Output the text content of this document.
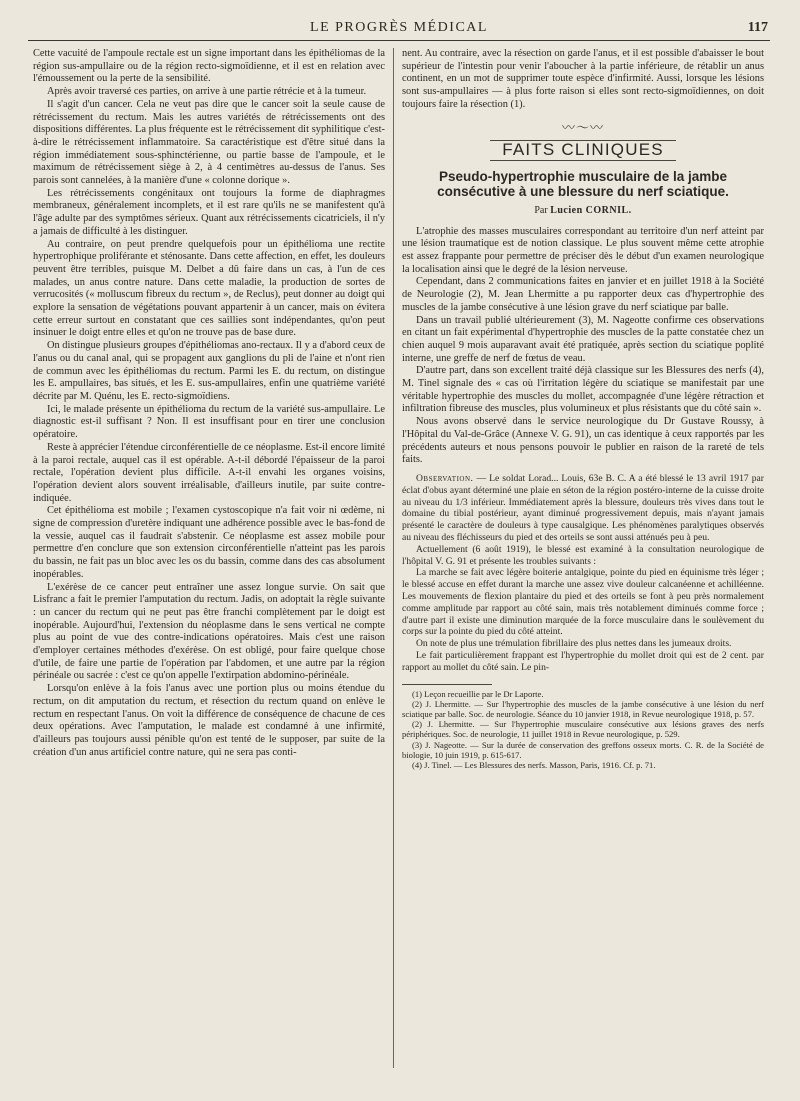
LE PROGRÈS MÉDICAL	117

Cette vacuité de l'ampoule rectale est un signe important dans les épithéliomas de la région sus-ampullaire ou de la région recto-sigmoïdienne, et il est en relation avec l'émoussement ou la perte de la sensibilité.

Après avoir traversé ces parties, on arrive à une partie rétrécie et à la tumeur.

Il s'agit d'un cancer. Cela ne veut pas dire que le cancer soit la seule cause de rétrécissement du rectum. Mais les autres variétés de rétrécissements ont des dispositions différentes. La plus fréquente est le rétrécissement dit syphilitique c'est-à-dire le rétrécissement inflammatoire. Sa caractéristique est d'être situé dans la région immédiatement sous-sphinctérienne, ou partie basse de l'ampoule, et le maximum de rétrécissement siège à 2, à 4 centimètres au-dessus de l'anus. Ses parois sont cannelées, à la manière d'une « colonne dorique ».

Les rétrécissements congénitaux ont toujours la forme de diaphragmes membraneux, généralement incomplets, et il est rare qu'ils ne se manifestent qu'à l'âge adulte par des symptômes sérieux. Quant aux rétrécissements cicatriciels, il n'y a jamais de difficulté à les distinguer.

Au contraire, on peut prendre quelquefois pour un épithélioma une rectite hypertrophique proliférante et sténosante. Dans cette affection, en effet, les douleurs peuvent être terribles, puisque M. Delbet a dû faire dans un cas, à l'un de ces malades, un anus contre nature. Dans cette maladie, la production de sortes de verrucosités (« molluscum fibreux du rectum », de Reclus), peut donner au doigt qui explore la sensation de végétations pouvant appartenir à un cancer, mais on évitera cette erreur surtout en constatant que ces saillies sont indépendantes, qu'on peut insinuer le doigt entre elles et qu'on ne trouve pas de base dure.

On distingue plusieurs groupes d'épithéliomas ano-rectaux. Il y a d'abord ceux de l'anus ou du canal anal, qui se propagent aux ganglions du pli de l'aine et n'ont rien de commun avec les épithéliomas du rectum. Parmi les E. du rectum, on distingue les E. ampullaires, bas situés, et les E. sus-ampullaires, enfin une quatrième variété décrite par M. Quénu, les E. recto-sigmoïdiens.

Ici, le malade présente un épithélioma du rectum de la variété sus-ampullaire. Le diagnostic est-il suffisant ? Non. Il est insuffisant pour en tirer une conclusion opératoire.

Reste à apprécier l'étendue circonférentielle de ce néoplasme. Est-il encore limité à la paroi rectale, auquel cas il est opérable. A-t-il débordé l'épaisseur de la paroi rectale, l'opération devient plus difficile. A-t-il envahi les organes voisins, l'opération devient alors souvent irréalisable, d'ailleurs inutile, par suite contre-indiquée.

Cet épithélioma est mobile ; l'examen cystoscopique n'a fait voir ni œdème, ni signe de compression d'uretère indiquant une adhérence possible avec le bas-fond de la vessie, auquel cas il faudrait s'abstenir. Ce néoplasme est assez mobile pour permettre d'en conclure que son extension circonférentielle n'atteint pas les parois du bassin, ne fait pas un bloc avec les os du bassin, comme dans des cas absolument inopérables.

L'exérèse de ce cancer peut entraîner une assez longue survie. On sait que Lisfranc a fait le premier l'amputation du rectum. Jadis, on adoptait la règle suivante : un cancer du rectum qui ne peut pas être franchi complètement par le doigt est inopérable. Aujourd'hui, l'extension du néoplasme dans le sens vertical ne compte plus au point de vue des contre-indications opératoires. Mais c'est une raison d'employer certaines méthodes d'exérèse. On est obligé, pour faire quelque chose d'utile, de faire une partie de l'opération par l'abdomen, et une autre par la région périnéale ou sacrée : c'est ce qu'on appelle l'extirpation abdomino-périnéale.

Lorsqu'on enlève à la fois l'anus avec une portion plus ou moins étendue du rectum, on dit amputation du rectum, et résection du rectum quand on enlève le rectum en respectant l'anus. On voit la différence de conséquence de chacune de ces deux opérations. Avec l'amputation, le malade est condamné à une infirmité, d'ailleurs pas toujours aussi pénible qu'on est tenté de le supposer, par suite de la création d'un anus artificiel contre nature, qui ne sera pas conti-

nent. Au contraire, avec la résection on garde l'anus, et il est possible d'abaisser le bout supérieur de l'intestin pour venir l'aboucher à la partie inférieure, de rétablir un anus continent, en un mot de supprimer toute espèce d'infirmité. Aussi, lorsque les lésions sont sus-ampullaires — à plus forte raison si elles sont recto-sigmoïdiennes, on doit toujours faire la résection (1).

〰〜〰
FAITS CLINIQUES
Pseudo-hypertrophie musculaire de la jambe consécutive à une blessure du nerf sciatique.
Par Lucien CORNIL.

L'atrophie des masses musculaires correspondant au territoire d'un nerf atteint par une lésion traumatique est de notion classique. Le plus souvent même cette atrophie est assez frappante pour permettre de préciser dès le début d'un examen neurologique la localisation ainsi que le degré de la lésion nerveuse.

Cependant, dans 2 communications faites en janvier et en juillet 1918 à la Société de Neurologie (2), M. Jean Lhermitte a pu rapporter deux cas d'hypertrophie des muscles de la jambe consécutive à une lésion grave du nerf sciatique par balle.

Dans un travail publié ultérieurement (3), M. Nageotte confirme ces observations en citant un fait expérimental d'hypertrophie des muscles de la patte constatée chez un chien auquel 9 mois auparavant avait été pratiquée, après section du sciatique poplité interne, une greffe de nerf de fœtus de veau.

D'autre part, dans son excellent traité déjà classique sur les Blessures des nerfs (4), M. Tinel signale des « cas où l'irritation légère du sciatique se manifestait par une véritable hypertrophie des muscles du mollet, accompagnée d'une légère rétraction et infiltration fibreuse des muscles, plus volumineux et plus résistants que du côté sain ».

Nous avons observé dans le service neurologique du Dr Gustave Roussy, à l'Hôpital du Val-de-Grâce (Annexe V. G. 91), un cas identique à ceux rapportés par les précédents auteurs et nous pensons pouvoir le publier en raison de la rareté de tels faits.

Observation. — Le soldat Lorad... Louis, 63e B. C. A a été blessé le 13 avril 1917 par éclat d'obus ayant déterminé une plaie en séton de la région postéro-interne de la cuisse droite au niveau du 1/3 inférieur. Immédiatement après la blessure, douleurs très vives dans tout le domaine du tibial postérieur, ayant diminué progressivement depuis, mais n'ayant jamais présenté le caractère de douleurs à type causalgique. Les phénomènes paralytiques observés au niveau des fléchisseurs du pied et des orteils se sont aussi atténués peu à peu.

Actuellement (6 août 1919), le blessé est examiné à la consultation neurologique de l'hôpital V. G. 91 et présente les troubles suivants :

La marche se fait avec légère boiterie antalgique, pointe du pied en équinisme très léger ; le blessé accuse en effet durant la marche une assez vive douleur calcanéenne et achilléenne. Les mouvements de flexion plantaire du pied et des orteils se font à peu près normalement comme amplitude par rapport au côté sain, mais très notablement diminués comme force ; d'autre part il existe une diminution marquée de la force musculaire dans le soulèvement du corps sur la pointe du pied du côté atteint.

On note de plus une trémulation fibrillaire des plus nettes dans les jumeaux droits.

Le fait particulièrement frappant est l'hypertrophie du mollet droit qui est de 2 cent. par rapport au mollet du côté sain. Le pin-

(1) Leçon recueillie par le Dr Laporte.

(2) J. Lhermitte. — Sur l'hypertrophie des muscles de la jambe consécutive à une lésion du nerf sciatique par balle. Soc. de neurologie. Séance du 10 janvier 1918, in Revue neurologique 1918, p. 57.

(2) J. Lhermitte. — Sur l'hypertrophie musculaire consécutive aux lésions graves des nerfs périphériques. Soc. de neurologie, 11 juillet 1918 in Revue neurologique, p. 529.

(3) J. Nageotte. — Sur la durée de conservation des greffons osseux morts. C. R. de la Société de biologie, 10 juin 1919, p. 615-617.

(4) J. Tinel. — Les Blessures des nerfs. Masson, Paris, 1916. Cf. p. 71.
